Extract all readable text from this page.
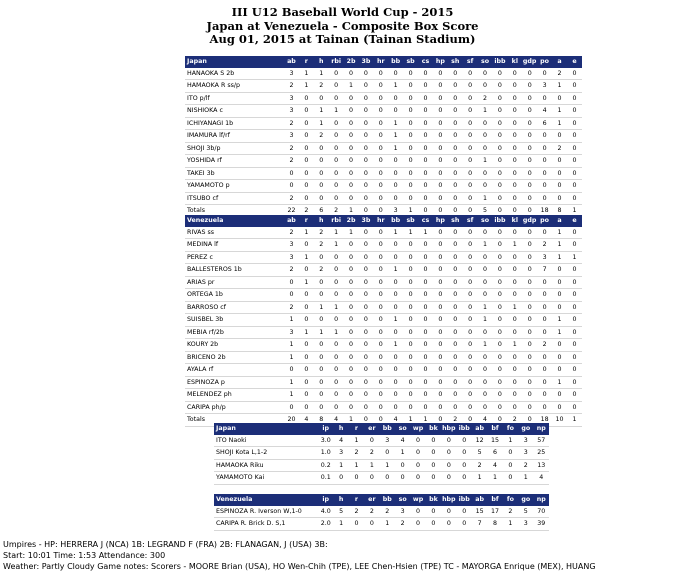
III U12 Baseball World Cup - 2015
Japan at Venezuela - Composite Box Score
Aug 01, 2015 at Tainan (Tainan Stadium)
Japan	ab	r	h	rbi	2b	3b	hr	bb	sb	cs	hp	sh	sf	so	ibb	kl	gdp	po	a	e
HANAOKA S 2b	3	1	1	0	0	0	0	0	0	0	0	0	0	0	0	0	0	0	2	0
HAMAOKA R ss/p	2	1	2	0	1	0	0	1	0	0	0	0	0	0	0	0	0	3	1	0
ITO p/lf	3	0	0	0	0	0	0	0	0	0	0	0	0	2	0	0	0	0	0	0
NISHIOKA c	3	0	1	1	0	0	0	0	0	0	0	0	0	1	0	0	0	4	1	0
ICHIYANAGI 1b	2	0	1	0	0	0	0	1	0	0	0	0	0	0	0	0	0	6	1	0
IMAMURA lf/rf	3	0	2	0	0	0	0	1	0	0	0	0	0	0	0	0	0	0	0	0
SHOJI 3b/p	2	0	0	0	0	0	0	1	0	0	0	0	0	0	0	0	0	0	2	0
YOSHIDA rf	2	0	0	0	0	0	0	0	0	0	0	0	0	1	0	0	0	0	0	0
TAKEI 3b	0	0	0	0	0	0	0	0	0	0	0	0	0	0	0	0	0	0	0	0
YAMAMOTO p	0	0	0	0	0	0	0	0	0	0	0	0	0	0	0	0	0	0	0	0
ITSUBO cf	2	0	0	0	0	0	0	0	0	0	0	0	0	1	0	0	0	0	0	0
Totals	22	2	6	2	1	0	0	3	1	0	0	0	0	5	0	0	0	18	8	1
Venezuela	ab	r	h	rbi	2b	3b	hr	bb	sb	cs	hp	sh	sf	so	ibb	kl	gdp	po	a	e
RIVAS ss	2	1	2	1	1	0	0	1	1	1	0	0	0	0	0	0	0	0	1	0
MEDINA lf	3	0	2	1	0	0	0	0	0	0	0	0	0	1	0	1	0	2	1	0
PEREZ c	3	1	0	0	0	0	0	0	0	0	0	0	0	0	0	0	0	3	1	1
BALLESTEROS 1b	2	0	2	0	0	0	0	1	0	0	0	0	0	0	0	0	0	7	0	0
ARIAS pr	0	1	0	0	0	0	0	0	0	0	0	0	0	0	0	0	0	0	0	0
ORTEGA 1b	0	0	0	0	0	0	0	0	0	0	0	0	0	0	0	0	0	0	0	0
BARROSO cf	2	0	1	1	0	0	0	0	0	0	0	0	0	1	0	1	0	0	0	0
SUISBEL 3b	1	0	0	0	0	0	0	1	0	0	0	0	0	1	0	0	0	0	1	0
MEBIA rf/2b	3	1	1	1	0	0	0	0	0	0	0	0	0	0	0	0	0	0	1	0
KOURY 2b	1	0	0	0	0	0	0	1	0	0	0	0	0	1	0	1	0	2	0	0
BRICENO 2b	1	0	0	0	0	0	0	0	0	0	0	0	0	0	0	0	0	0	0	0
AYALA rf	0	0	0	0	0	0	0	0	0	0	0	0	0	0	0	0	0	0	0	0
ESPINOZA p	1	0	0	0	0	0	0	0	0	0	0	0	0	0	0	0	0	0	1	0
MELENDEZ ph	1	0	0	0	0	0	0	0	0	0	0	0	0	0	0	0	0	0	0	0
CARIPA ph/p	0	0	0	0	0	0	0	0	0	0	0	0	0	0	0	0	0	0	0	0
Totals	20	4	8	4	1	0	0	4	1	1	0	2	0	4	0	2	0	18	10	1
Japan	ip	h	r	er	bb	so	wp	bk	hbp	ibb	ab	bf	fo	go	np
ITO Naoki	3.0	4	1	0	3	4	0	0	0	0	12	15	1	3	57
SHOJI Kota L,1-2	1.0	3	2	2	0	1	0	0	0	0	5	6	0	3	25
HAMAOKA Riku	0.2	1	1	1	1	0	0	0	0	0	2	4	0	2	13
YAMAMOTO Kai	0.1	0	0	0	0	0	0	0	0	0	1	1	0	1	4
Venezuela	ip	h	r	er	bb	so	wp	bk	hbp	ibb	ab	bf	fo	go	np
ESPINOZA R. Iverson W,1-0	4.0	5	2	2	2	3	0	0	0	0	15	17	2	5	70
CARIPA R. Brick D. S,1	2.0	1	0	0	1	2	0	0	0	0	7	8	1	3	39
Umpires - HP: HERRERA J (NCA) 1B: LEGRAND F (FRA) 2B: FLANAGAN, J (USA) 3B:
Start: 10:01 Time: 1:53 Attendance: 300
Weather: Partly Cloudy Game notes: Scorers - MOORE Brian (USA), HO Wen-Chih (TPE), LEE Chen-Hsien (TPE) TC - MAYORGA Enrique (MEX), HUANG
